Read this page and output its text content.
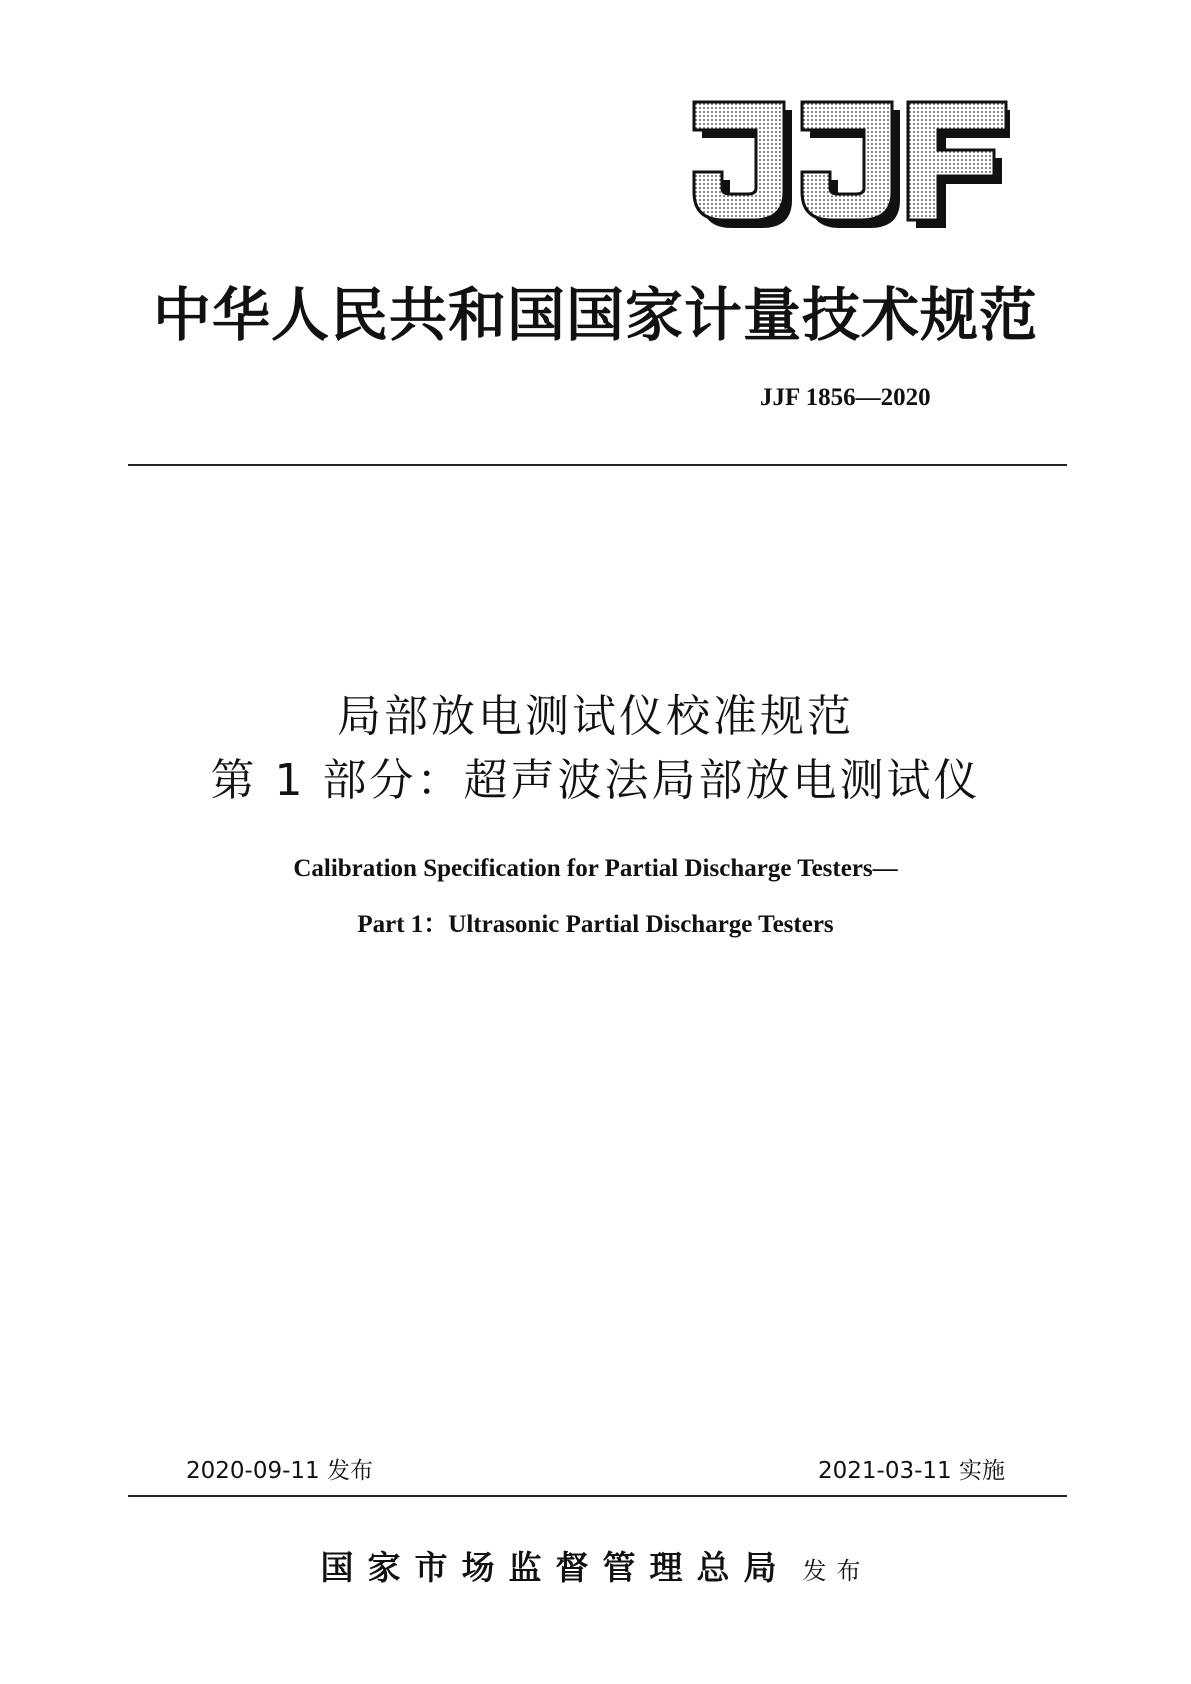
中华人民共和国国家计量技术规范
JJF 1856—2020
局部放电测试仪校准规范
第 1 部分：超声波法局部放电测试仪
Calibration Specification for Partial Discharge Testers—
Part 1：Ultrasonic Partial Discharge Testers
2020-09-11 发布	2021-03-11 实施
国家市场监督管理总局 发布
